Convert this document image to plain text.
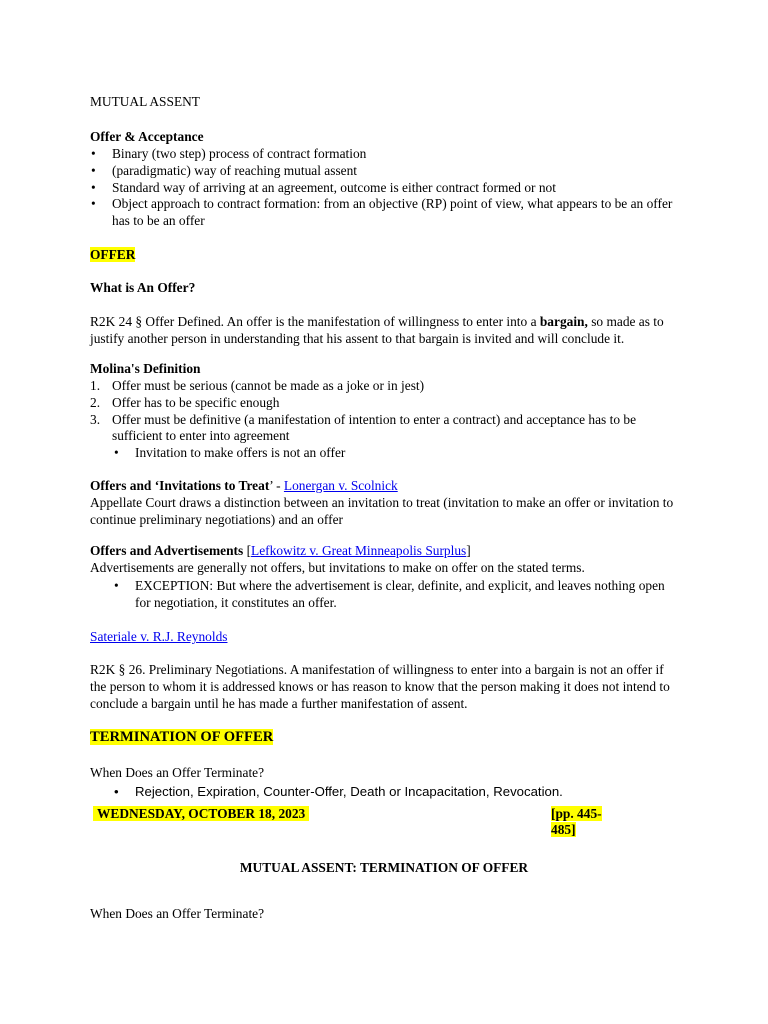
MUTUAL ASSENT
Offer & Acceptance
• Binary (two step) process of contract formation
• (paradigmatic) way of reaching mutual assent
• Standard way of arriving at an agreement, outcome is either contract formed or not
• Object approach to contract formation: from an objective (RP) point of view, what appears to be an offer has to be an offer
OFFER
What is An Offer?
R2K 24 § Offer Defined. An offer is the manifestation of willingness to enter into a bargain, so made as to justify another person in understanding that his assent to that bargain is invited and will conclude it.
Molina's Definition
1. Offer must be serious (cannot be made as a joke or in jest)
2. Offer has to be specific enough
3. Offer must be definitive (a manifestation of intention to enter a contract) and acceptance has to be sufficient to enter into agreement
• Invitation to make offers is not an offer
Offers and ‘Invitations to Treat’ - Lonergan v. Scolnick
Appellate Court draws a distinction between an invitation to treat (invitation to make an offer or invitation to continue preliminary negotiations) and an offer
Offers and Advertisements [Lefkowitz v. Great Minneapolis Surplus]
Advertisements are generally not offers, but invitations to make on offer on the stated terms.
• EXCEPTION: But where the advertisement is clear, definite, and explicit, and leaves nothing open for negotiation, it constitutes an offer.
Sateriale v. R.J. Reynolds
R2K § 26. Preliminary Negotiations. A manifestation of willingness to enter into a bargain is not an offer if the person to whom it is addressed knows or has reason to know that the person making it does not intend to conclude a bargain until he has made a further manifestation of assent.
TERMINATION OF OFFER
When Does an Offer Terminate?
• Rejection, Expiration, Counter-Offer, Death or Incapacitation, Revocation.
WEDNESDAY, OCTOBER 18, 2023	[pp. 445-
485]
MUTUAL ASSENT: TERMINATION OF OFFER
When Does an Offer Terminate?
